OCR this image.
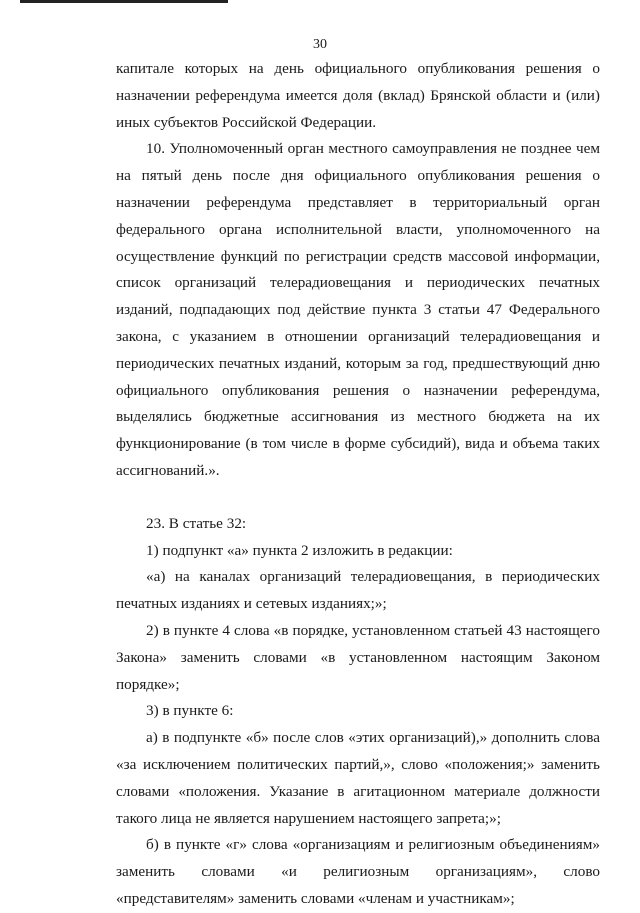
30

капитале которых на день официального опубликования решения о назначении референдума имеется доля (вклад) Брянской области и (или) иных субъектов Российской Федерации.

10. Уполномоченный орган местного самоуправления не позднее чем на пятый день после дня официального опубликования решения о назначении референдума представляет в территориальный орган федерального органа исполнительной власти, уполномоченного на осуществление функций по регистрации средств массовой информации, список организаций телерадиовещания и периодических печатных изданий, подпадающих под действие пункта 3 статьи 47 Федерального закона, с указанием в отношении организаций телерадиовещания и периодических печатных изданий, которым за год, предшествующий дню официального опубликования решения о назначении референдума, выделялись бюджетные ассигнования из местного бюджета на их функционирование (в том числе в форме субсидий), вида и объема таких ассигнований.».

23. В статье 32:

1) подпункт «а» пункта 2 изложить в редакции:

«а) на каналах организаций телерадиовещания, в периодических печатных изданиях и сетевых изданиях;»;

2) в пункте 4 слова «в порядке, установленном статьей 43 настоящего Закона» заменить словами «в установленном настоящим Законом порядке»;

3) в пункте 6:

а) в подпункте «б» после слов «этих организаций),» дополнить слова «за исключением политических партий,», слово «положения;» заменить словами «положения. Указание в агитационном материале должности такого лица не является нарушением настоящего запрета;»;

б) в пункте «г» слова «организациям и религиозным объединениям» заменить словами «и религиозным организациям», слово «представителям» заменить словами «членам и участникам»;
